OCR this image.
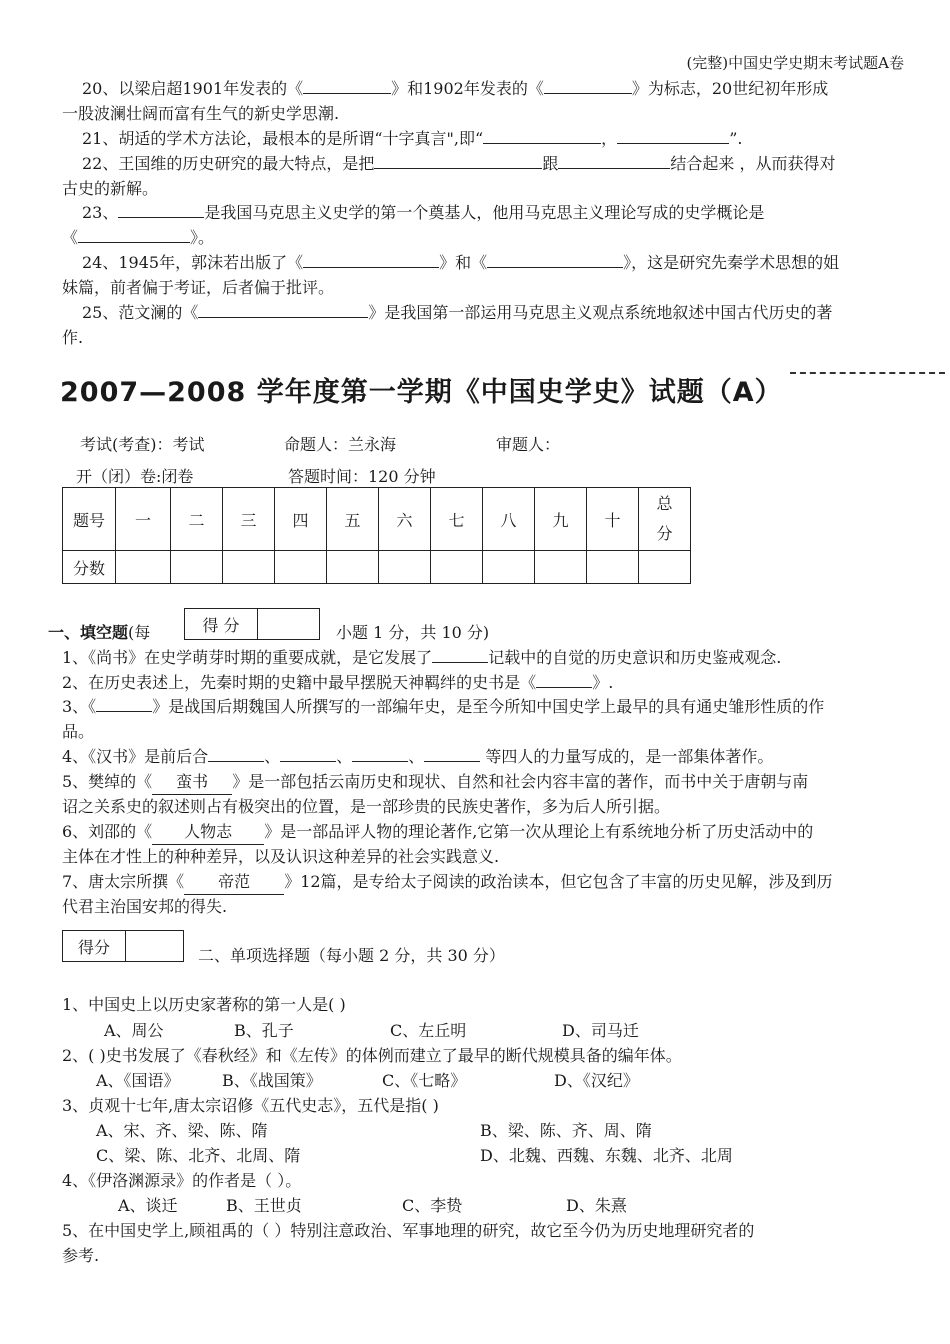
(完整)中国史学史期末考试题A卷
20、以梁启超1901年发表的《	》和1902年发表的《	》为标志，20世纪初年形成
一股波澜壮阔而富有生气的新史学思潮.
21、胡适的学术方法论，最根本的是所谓“十字真言",即“	，	”.
22、王国维的历史研究的最大特点，是把	跟	结合起来 ，从而获得对
古史的新解。
23、	是我国马克思主义史学的第一个奠基人，他用马克思主义理论写成的史学概论是
《	》。
24、1945年，郭沫若出版了《	》和《	》，这是研究先秦学术思想的姐
妹篇，前者偏于考证，后者偏于批评。
25、范文澜的《	》是我国第一部运用马克思主义观点系统地叙述中国古代历史的著
作.
2007—2008 学年度第一学期《中国史学史》试题（A）
考试(考查)：考试	命题人：兰永海	审题人：
开（闭）卷:闭卷	答题时间：120 分钟
题号	一	二	三	四	五	六	七	八	九	十	总
分
分数											
一、填空题(每	得 分	小题 1 分，共 10 分)
1、《尚书》在史学萌芽时期的重要成就，是它发展了	记载中的自觉的历史意识和历史鉴戒观念.
2、在历史表述上，先秦时期的史籍中最早摆脱天神羁绊的史书是《	》.
3、《	》是战国后期魏国人所撰写的一部编年史，是至今所知中国史学上最早的具有通史雏形性质的作
品。
4、《汉书》是前后合	、	、	、	等四人的力量写成的，是一部集体著作。
5、樊绰的《 蛮书 》是一部包括云南历史和现状、自然和社会内容丰富的著作，而书中关于唐朝与南
诏之关系史的叙述则占有极突出的位置，是一部珍贵的民族史著作，多为后人所引据。
6、刘邵的《 人物志 》是一部品评人物的理论著作,它第一次从理论上有系统地分析了历史活动中的
主体在才性上的种种差异，以及认识这种差异的社会实践意义.
7、唐太宗所撰《 帝范 》12篇，是专给太子阅读的政治读本，但它包含了丰富的历史见解，涉及到历
代君主治国安邦的得失.
得分	二、单项选择题（每小题 2 分，共 30 分）
1、中国史上以历史家著称的第一人是( )
A、周公	B、孔子	C、左丘明	D、司马迁
2、( )史书发展了《春秋经》和《左传》的体例而建立了最早的断代规模具备的编年体。
A、《国语》	B、《战国策》	C、《七略》	D、《汉纪》
3、贞观十七年,唐太宗诏修《五代史志》，五代是指( )
A、宋、齐、梁、陈、隋	B、梁、陈、齐、周、隋
C、梁、陈、北齐、北周、隋	D、北魏、西魏、东魏、北齐、北周
4、《伊洛渊源录》的作者是（ ）。
A、谈迁	B、王世贞	C、李贽	D、朱熹
5、在中国史学上,顾祖禹的（ ）特别注意政治、军事地理的研究，故它至今仍为历史地理研究者的
参考.
